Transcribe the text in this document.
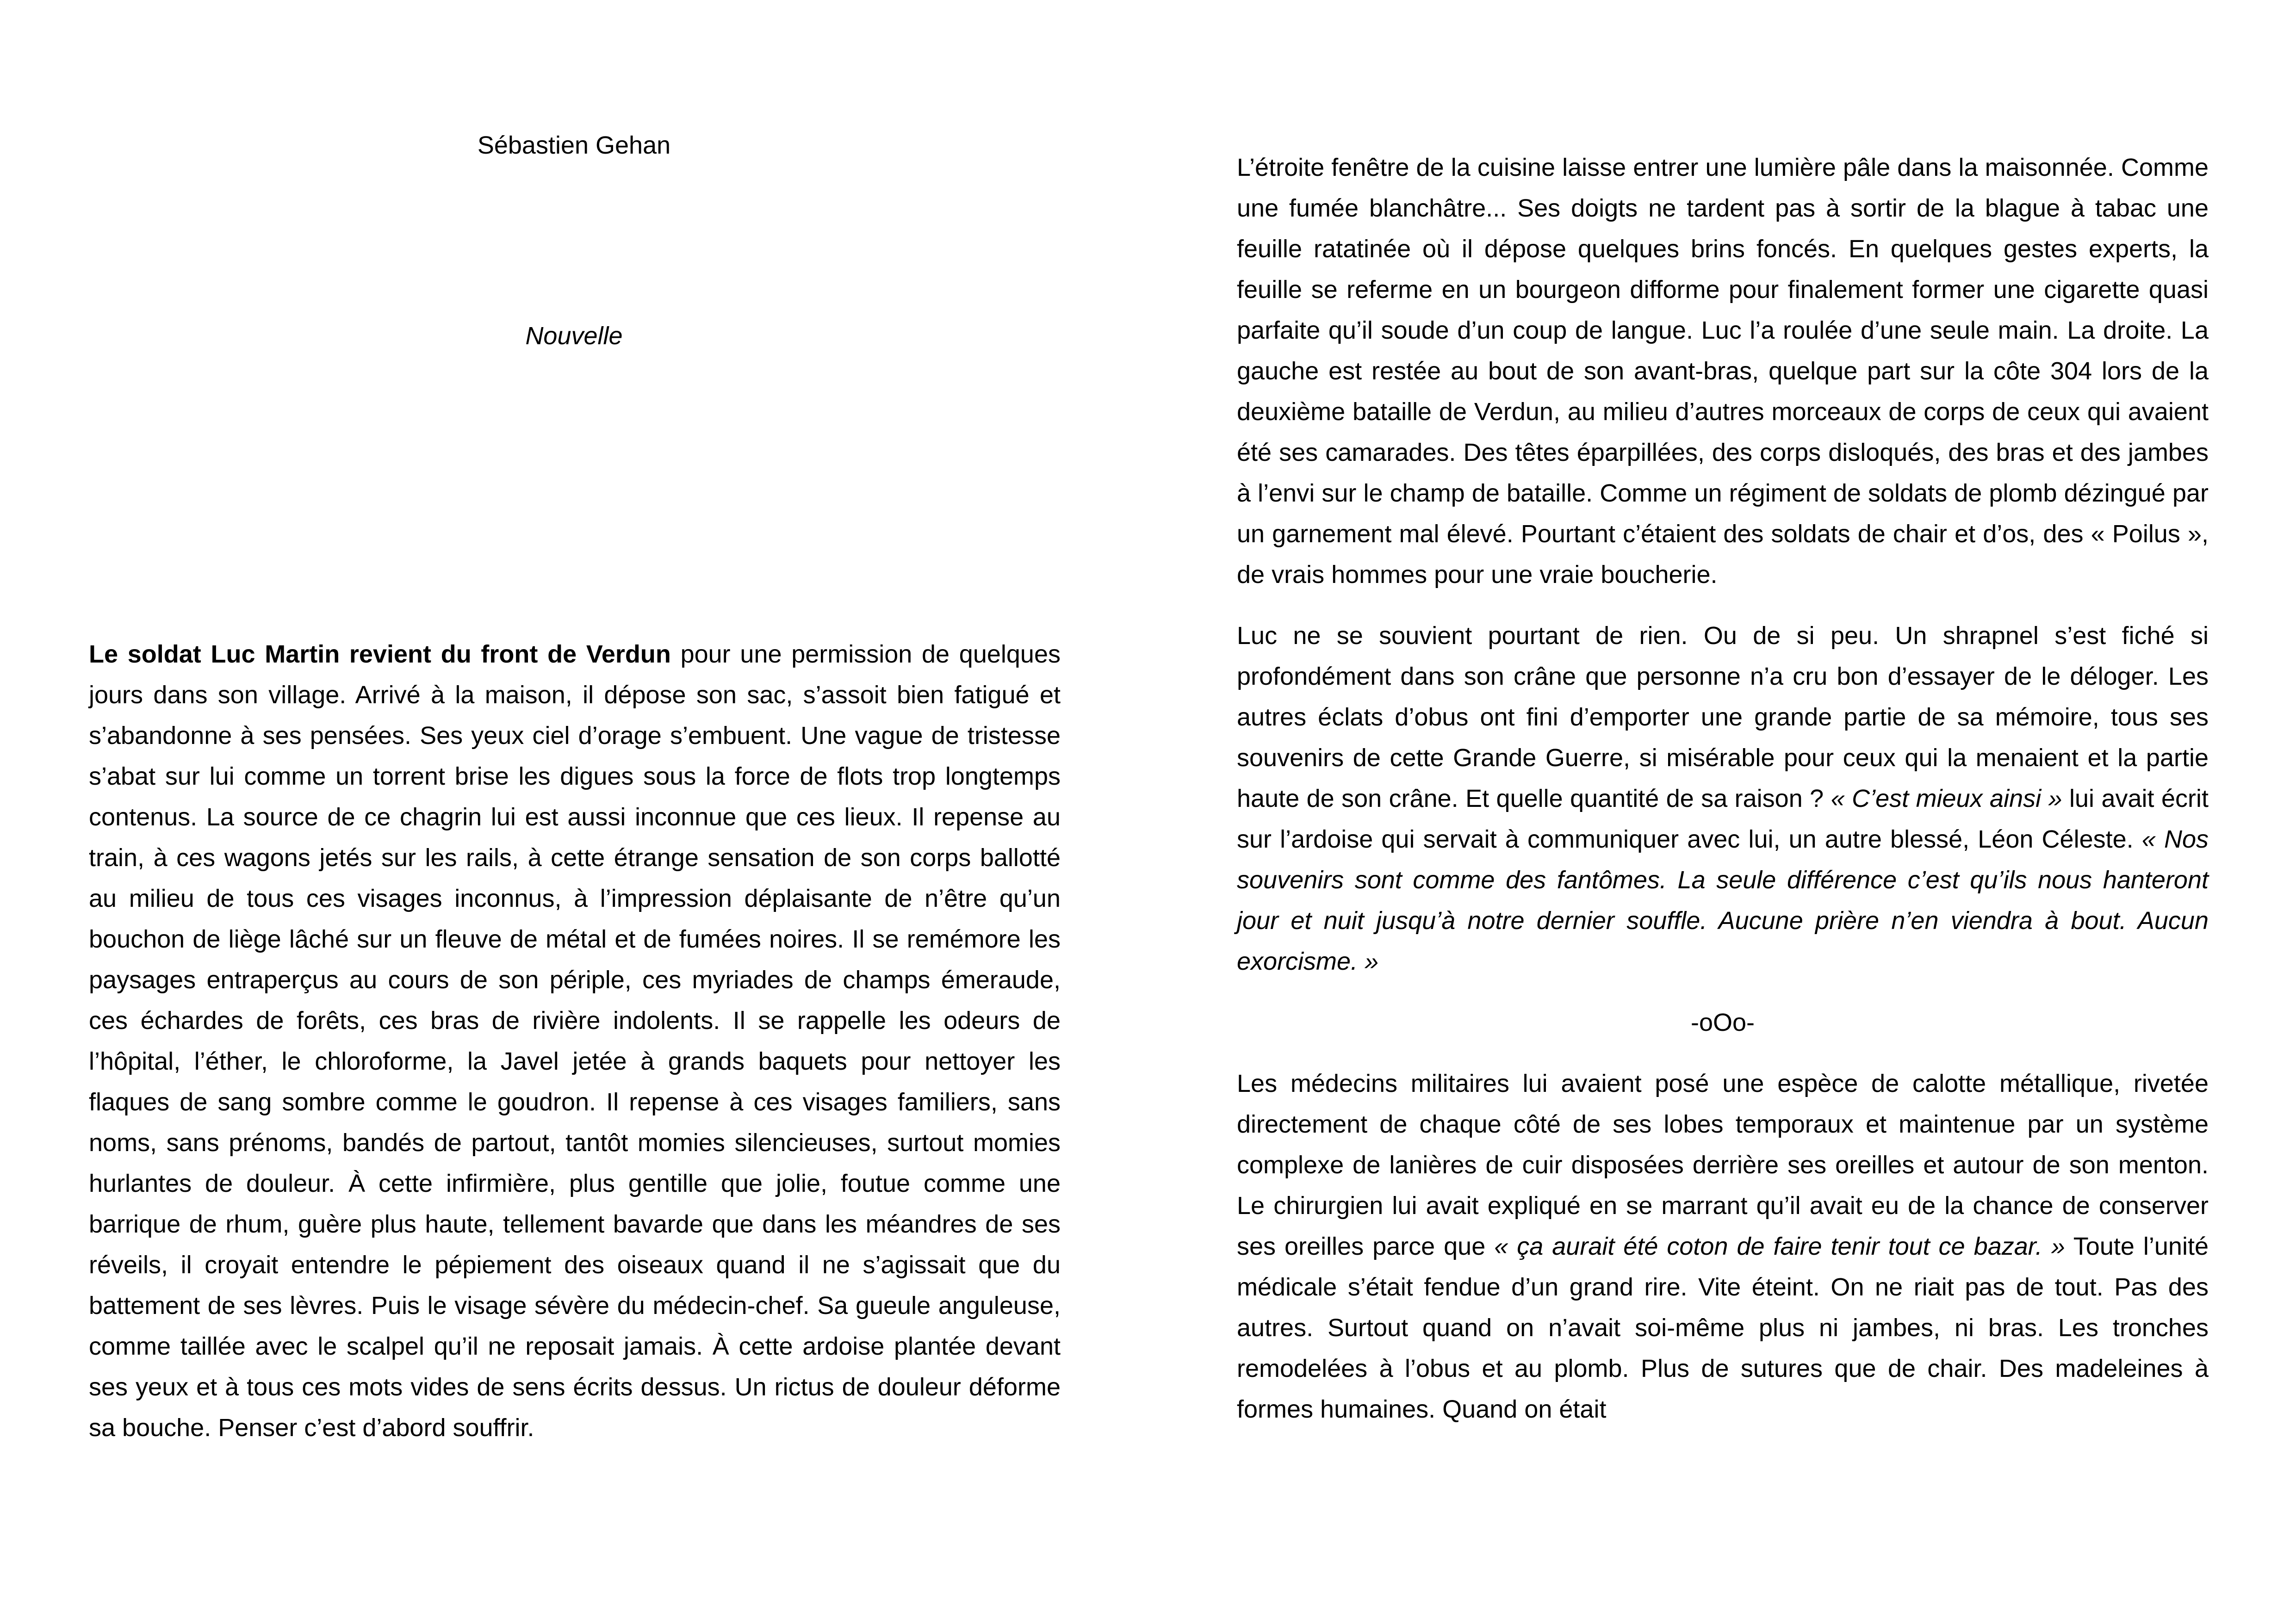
Sébastien Gehan
Nouvelle

Le soldat Luc Martin revient du front de Verdun pour une permission de quelques jours dans son village. Arrivé à la maison, il dépose son sac, s’assoit bien fatigué et s’abandonne à ses pensées. Ses yeux ciel d’orage s’embuent. Une vague de tristesse s’abat sur lui comme un torrent brise les digues sous la force de flots trop longtemps contenus. La source de ce chagrin lui est aussi inconnue que ces lieux. Il repense au train, à ces wagons jetés sur les rails, à cette étrange sensation de son corps ballotté au milieu de tous ces visages inconnus, à l’impression déplaisante de n’être qu’un bouchon de liège lâché sur un fleuve de métal et de fumées noires. Il se remémore les paysages entraperçus au cours de son périple, ces myriades de champs émeraude, ces échardes de forêts, ces bras de rivière indolents. Il se rappelle les odeurs de l’hôpital, l’éther, le chloroforme, la Javel jetée à grands baquets pour nettoyer les flaques de sang sombre comme le goudron. Il repense à ces visages familiers, sans noms, sans prénoms, bandés de partout, tantôt momies silencieuses, surtout momies hurlantes de douleur. À cette infirmière, plus gentille que jolie, foutue comme une barrique de rhum, guère plus haute, tellement bavarde que dans les méandres de ses réveils, il croyait entendre le pépiement des oiseaux quand il ne s’agissait que du battement de ses lèvres. Puis le visage sévère du médecin-chef. Sa gueule anguleuse, comme taillée avec le scalpel qu’il ne reposait jamais. À cette ardoise plantée devant ses yeux et à tous ces mots vides de sens écrits dessus. Un rictus de douleur déforme sa bouche. Penser c’est d’abord souffrir.

L’étroite fenêtre de la cuisine laisse entrer une lumière pâle dans la maisonnée. Comme une fumée blanchâtre... Ses doigts ne tardent pas à sortir de la blague à tabac une feuille ratatinée où il dépose quelques brins foncés. En quelques gestes experts, la feuille se referme en un bourgeon difforme pour finalement former une cigarette quasi parfaite qu’il soude d’un coup de langue. Luc l’a roulée d’une seule main. La droite. La gauche est restée au bout de son avant-bras, quelque part sur la côte 304 lors de la deuxième bataille de Verdun, au milieu d’autres morceaux de corps de ceux qui avaient été ses camarades. Des têtes éparpillées, des corps disloqués, des bras et des jambes à l’envi sur le champ de bataille. Comme un régiment de soldats de plomb dézingué par un garnement mal élevé. Pourtant c’étaient des soldats de chair et d’os, des « Poilus », de vrais hommes pour une vraie boucherie.

Luc ne se souvient pourtant de rien. Ou de si peu. Un shrapnel s’est fiché si profondément dans son crâne que personne n’a cru bon d’essayer de le déloger. Les autres éclats d’obus ont fini d’emporter une grande partie de sa mémoire, tous ses souvenirs de cette Grande Guerre, si misérable pour ceux qui la menaient et la partie haute de son crâne. Et quelle quantité de sa raison ? « C’est mieux ainsi » lui avait écrit sur l’ardoise qui servait à communiquer avec lui, un autre blessé, Léon Céleste. « Nos souvenirs sont comme des fantômes. La seule différence c’est qu’ils nous hanteront jour et nuit jusqu’à notre dernier souffle. Aucune prière n’en viendra à bout. Aucun exorcisme. »

-oOo-

Les médecins militaires lui avaient posé une espèce de calotte métallique, rivetée directement de chaque côté de ses lobes temporaux et maintenue par un système complexe de lanières de cuir disposées derrière ses oreilles et autour de son menton. Le chirurgien lui avait expliqué en se marrant qu’il avait eu de la chance de conserver ses oreilles parce que « ça aurait été coton de faire tenir tout ce bazar. » Toute l’unité médicale s’était fendue d’un grand rire. Vite éteint. On ne riait pas de tout. Pas des autres. Surtout quand on n’avait soi-même plus ni jambes, ni bras. Les tronches remodelées à l’obus et au plomb. Plus de sutures que de chair. Des madeleines à formes humaines. Quand on était
